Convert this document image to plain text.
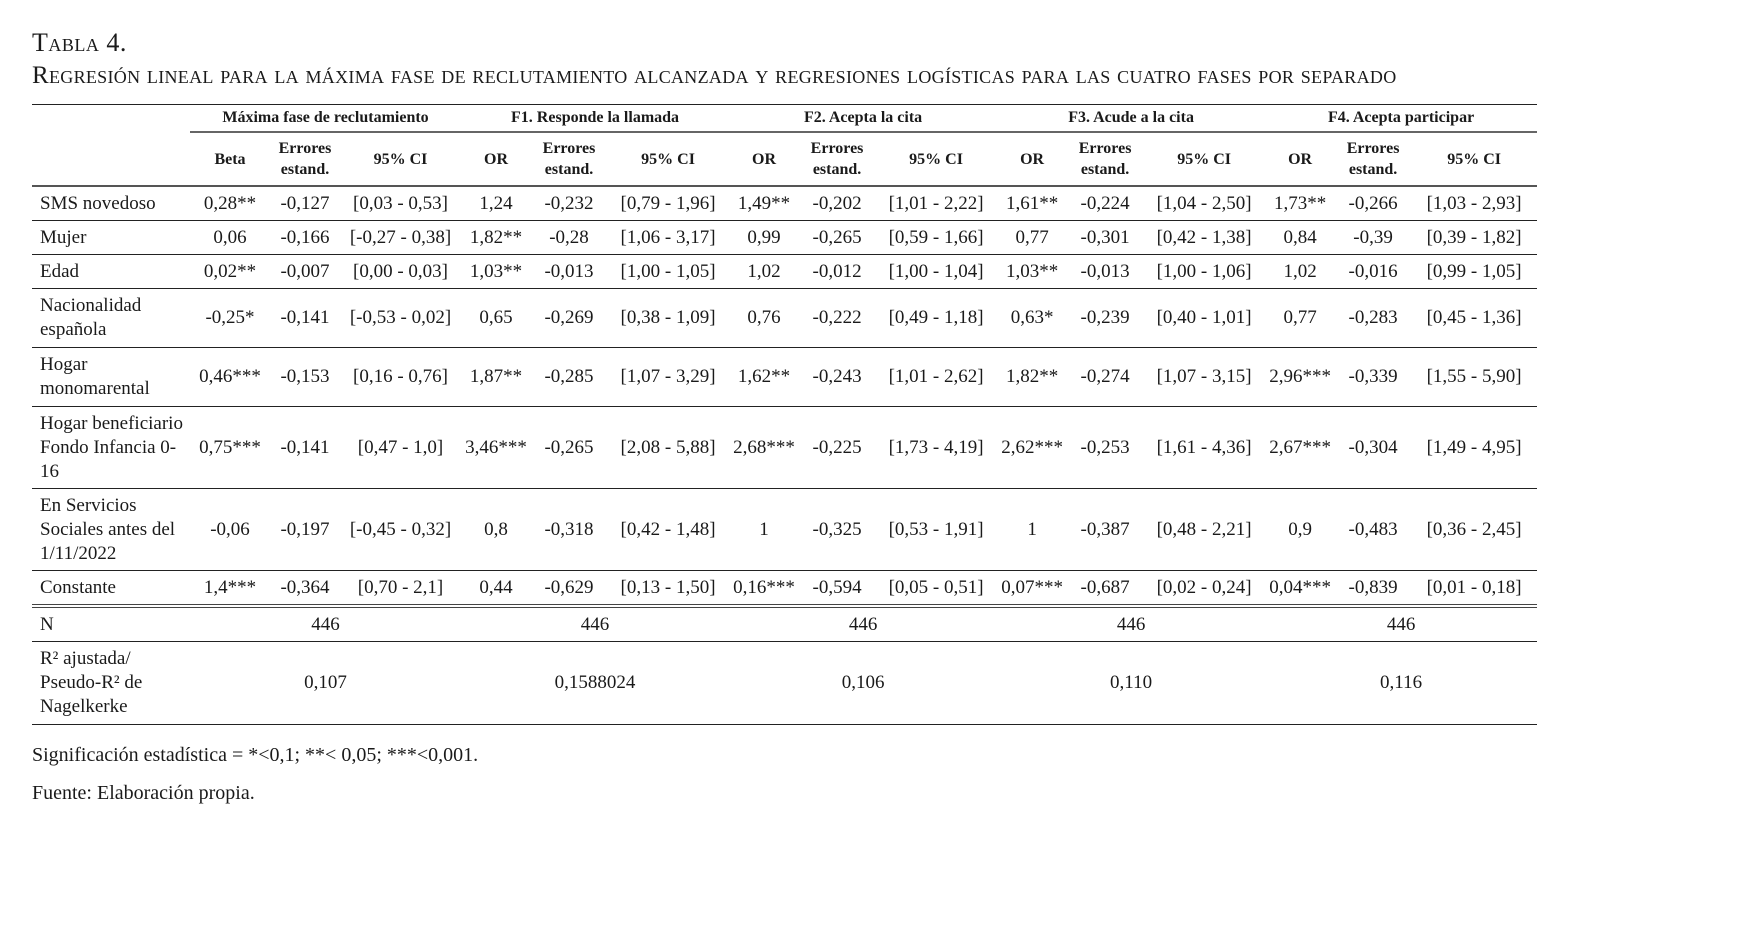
Tabla 4.
Regresión lineal para la máxima fase de reclutamiento alcanzada y regresiones logísticas para las cuatro fases por separado
	Máxima fase de reclutamiento			F1. Responde la llamada			F2. Acepta la cita			F3. Acude a la cita			F4. Acepta participar		
	Beta	Errores estand.	95% CI	OR	Errores estand.	95% CI	OR	Errores estand.	95% CI	OR	Errores estand.	95% CI	OR	Errores estand.	95% CI
SMS novedoso	0,28**	-0,127	[0,03 - 0,53]	1,24	-0,232	[0,79 - 1,96]	1,49**	-0,202	[1,01 - 2,22]	1,61**	-0,224	[1,04 - 2,50]	1,73**	-0,266	[1,03 - 2,93]
Mujer	0,06	-0,166	[-0,27 - 0,38]	1,82**	-0,28	[1,06 - 3,17]	0,99	-0,265	[0,59 - 1,66]	0,77	-0,301	[0,42 - 1,38]	0,84	-0,39	[0,39 - 1,82]
Edad	0,02**	-0,007	[0,00 - 0,03]	1,03**	-0,013	[1,00 - 1,05]	1,02	-0,012	[1,00 - 1,04]	1,03**	-0,013	[1,00 - 1,06]	1,02	-0,016	[0,99 - 1,05]
Nacionalidad española	-0,25*	-0,141	[-0,53 - 0,02]	0,65	-0,269	[0,38 - 1,09]	0,76	-0,222	[0,49 - 1,18]	0,63*	-0,239	[0,40 - 1,01]	0,77	-0,283	[0,45 - 1,36]
Hogar monomarental	0,46***	-0,153	[0,16 - 0,76]	1,87**	-0,285	[1,07 - 3,29]	1,62**	-0,243	[1,01 - 2,62]	1,82**	-0,274	[1,07 - 3,15]	2,96***	-0,339	[1,55 - 5,90]
Hogar beneficiario Fondo Infancia 0-16	0,75***	-0,141	[0,47 - 1,0]	3,46***	-0,265	[2,08 - 5,88]	2,68***	-0,225	[1,73 - 4,19]	2,62***	-0,253	[1,61 - 4,36]	2,67***	-0,304	[1,49 - 4,95]
En Servicios Sociales antes del 1/11/2022	-0,06	-0,197	[-0,45 - 0,32]	0,8	-0,318	[0,42 - 1,48]	1	-0,325	[0,53 - 1,91]	1	-0,387	[0,48 - 2,21]	0,9	-0,483	[0,36 - 2,45]
Constante	1,4***	-0,364	[0,70 - 2,1]	0,44	-0,629	[0,13 - 1,50]	0,16***	-0,594	[0,05 - 0,51]	0,07***	-0,687	[0,02 - 0,24]	0,04***	-0,839	[0,01 - 0,18]
N	446			446			446			446			446		
R² ajustada/ Pseudo-R² de Nagelkerke	0,107			0,1588024			0,106			0,110			0,116		
Significación estadística = *<0,1; **< 0,05; ***<0,001.
Fuente: Elaboración propia.
